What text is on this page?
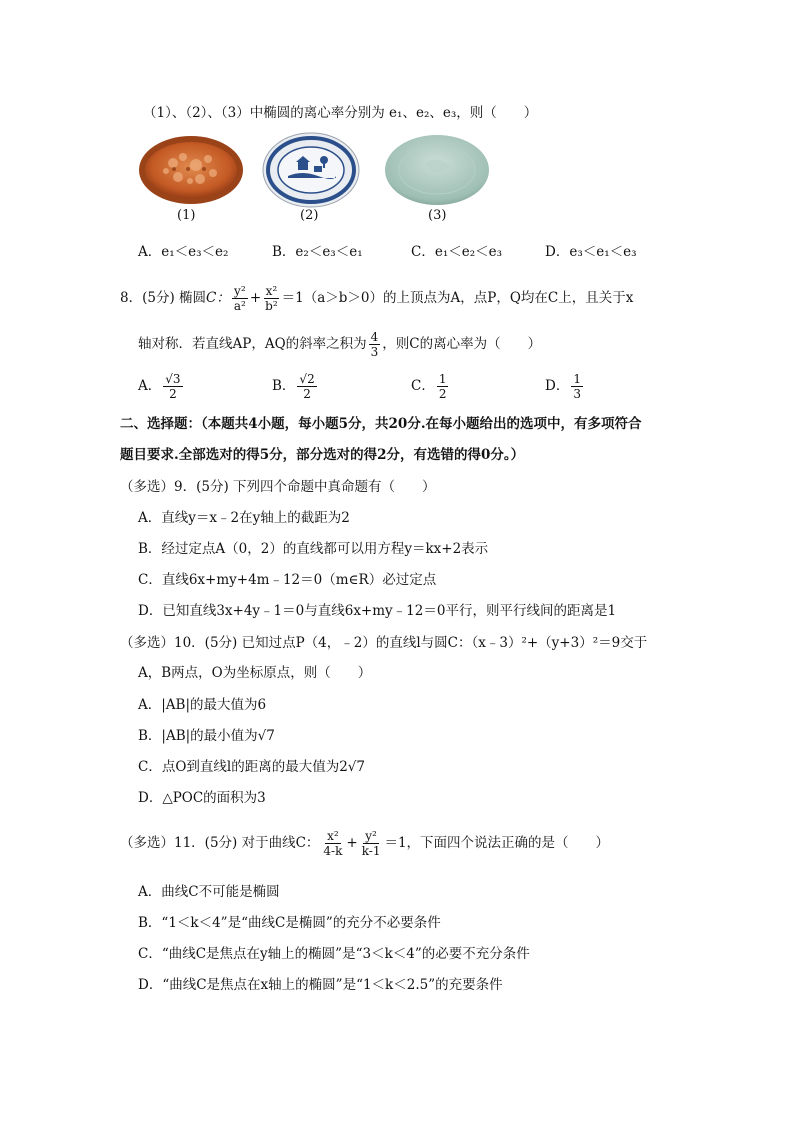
（1）、（2）、（3）中椭圆的离心率分别为 e₁、e₂、e₃，则（　　）
(1)	(2)	(3)
A．e₁＜e₃＜e₂	B．e₂＜e₃＜e₁	C．e₁＜e₂＜e₃	D．e₃＜e₁＜e₃
8．(5分) 椭圆C： $\frac{\text{y²}}{\text{a²}} + \frac{\text{x²}}{\text{b²}} =1(a>b>0)$的上顶点为A，点P，Q均在C上，且关于x
轴对称．若直线AP，AQ的斜率之积为 $\frac{4}{3}$ ，则C的离心率为（　　）
A． $\frac{√3}{2}$	B． $\frac{√2}{2}$	C． $\frac{1}{2}$	D． $\frac{1}{3}$
二、选择题：（本题共4小题，每小题5分，共20分.在每小题给出的选项中，有多项符合
题目要求.全部选对的得5分，部分选对的得2分，有选错的得0分。）
（多选）9．(5分) 下列四个命题中真命题有（　　）
A．直线y＝x﹣2在y轴上的截距为2
B．经过定点A（0，2）的直线都可以用方程y＝kx+2表示
C．直线6x+my+4m﹣12＝0（m∈R）必过定点
D．已知直线3x+4y﹣1＝0与直线6x+my﹣12＝0平行，则平行线间的距离是1
（多选）10．(5分) 已知过点P（4，﹣2）的直线l与圆C：（x﹣3）²+（y+3）²＝9交于
A，B两点，O为坐标原点，则（　　）
A．|AB|的最大值为6
B．|AB|的最小值为√7
C．点O到直线l的距离的最大值为2√7
D．△POC的面积为3
（多选）11．(5分) 对于曲线C： $\frac{\text{x²}}{4-k} + \frac{\text{y²}}{k-1} =1$，下面四个说法正确的是（　　）
A．曲线C不可能是椭圆
B．“1＜k＜4”是“曲线C是椭圆”的充分不必要条件
C．“曲线C是焦点在y轴上的椭圆”是“3＜k＜4”的必要不充分条件
D．“曲线C是焦点在x轴上的椭圆”是“1＜k＜2.5”的充要条件
